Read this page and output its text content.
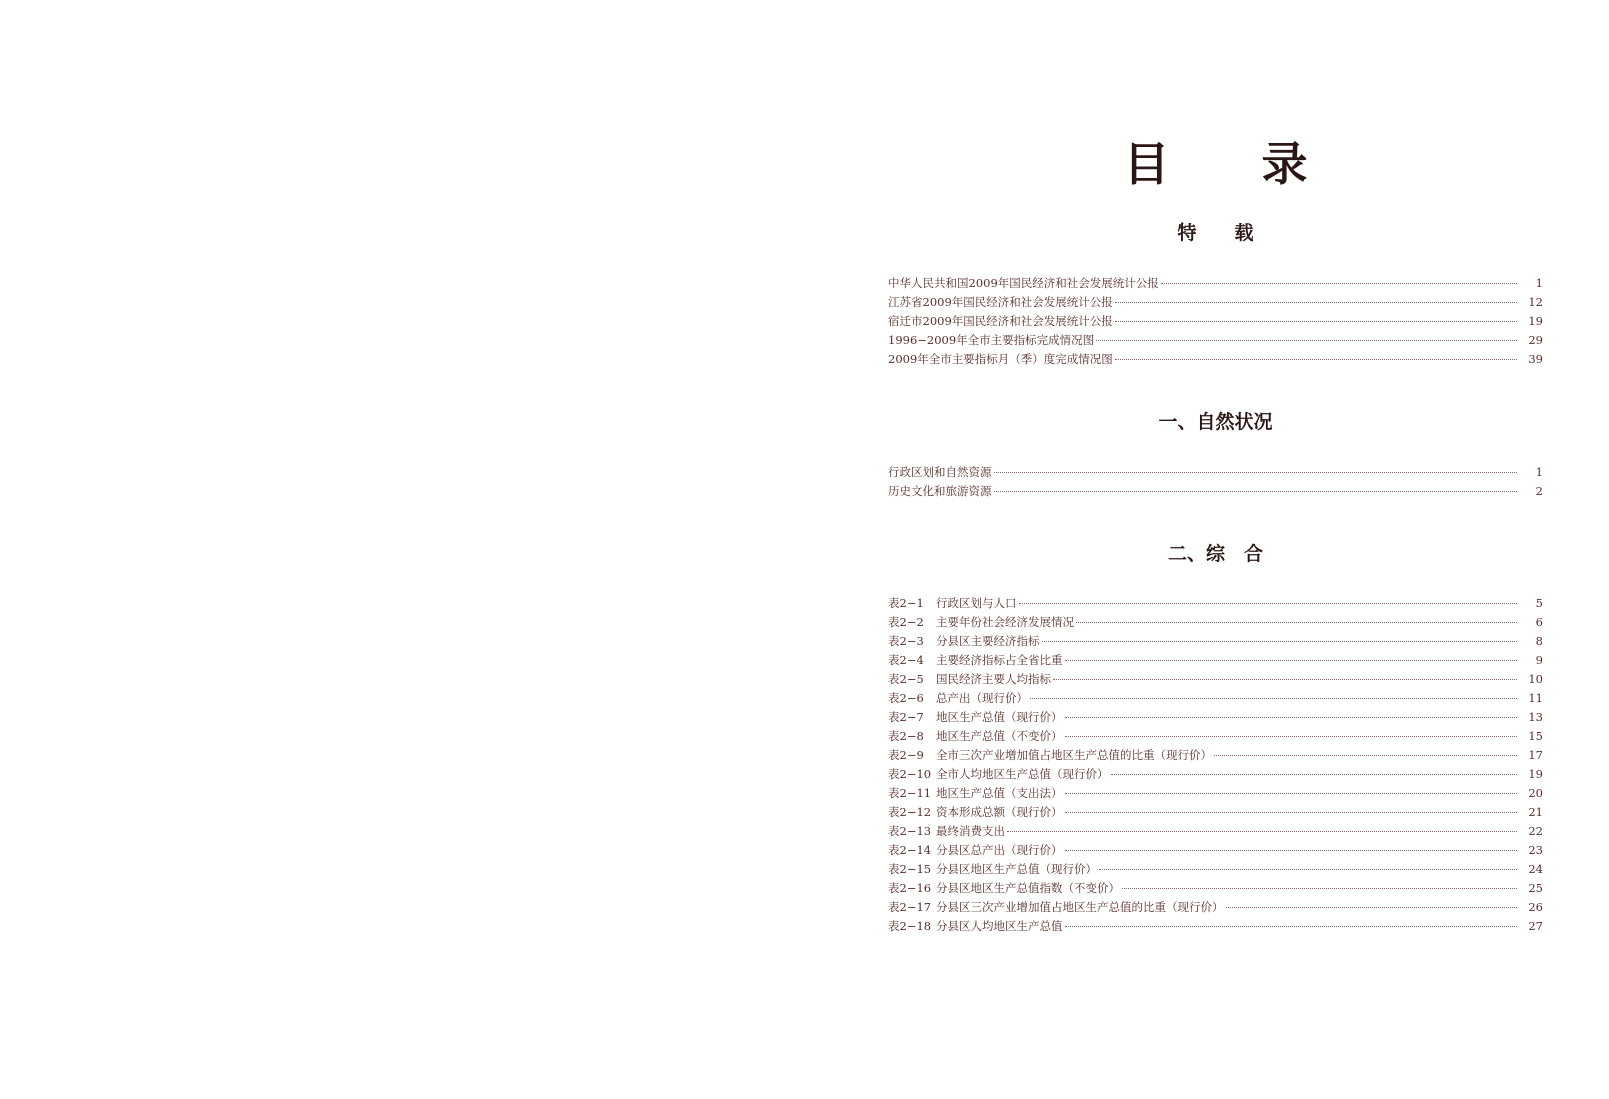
目　　录
特　　载
中华人民共和国2009年国民经济和社会发展统计公报	1
江苏省2009年国民经济和社会发展统计公报	12
宿迁市2009年国民经济和社会发展统计公报	19
1996−2009年全市主要指标完成情况图	29
2009年全市主要指标月（季）度完成情况图	39
一、自然状况
行政区划和自然资源	1
历史文化和旅游资源	2
二、综　合
表2−1	行政区划与人口	5
表2−2	主要年份社会经济发展情况	6
表2−3	分县区主要经济指标	8
表2−4	主要经济指标占全省比重	9
表2−5	国民经济主要人均指标	10
表2−6	总产出（现行价）	11
表2−7	地区生产总值（现行价）	13
表2−8	地区生产总值（不变价）	15
表2−9	全市三次产业增加值占地区生产总值的比重（现行价）	17
表2−10 全市人均地区生产总值（现行价）	19
表2−11 地区生产总值（支出法）	20
表2−12 资本形成总额（现行价）	21
表2−13 最终消费支出	22
表2−14 分县区总产出（现行价）	23
表2−15 分县区地区生产总值（现行价）	24
表2−16 分县区地区生产总值指数（不变价）	25
表2−17 分县区三次产业增加值占地区生产总值的比重（现行价）	26
表2−18 分县区人均地区生产总值	27
